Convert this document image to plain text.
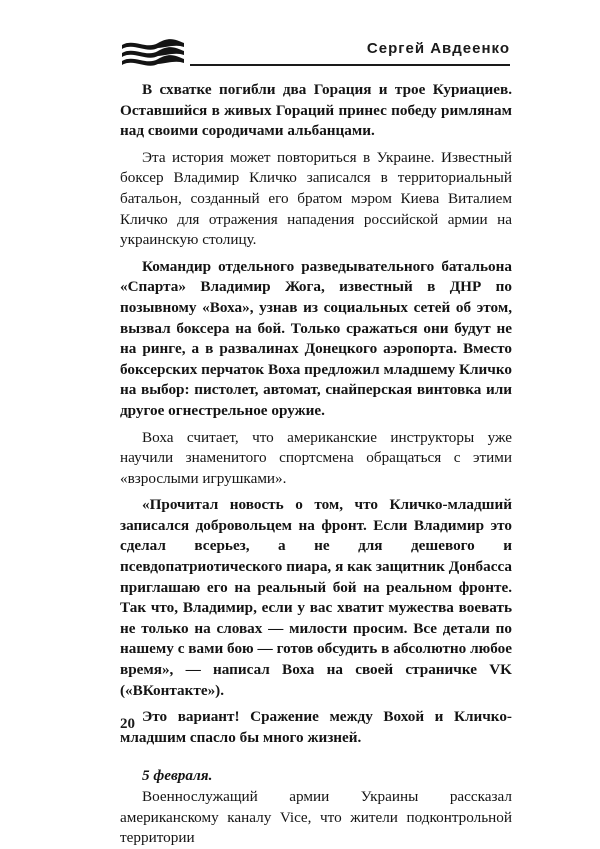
Сергей Авдеенко

В схватке погибли два Горация и трое Куриациев. Оставшийся в живых Гораций принес победу римлянам над своими сородичами альбанцами.

Эта история может повториться в Украине. Известный боксер Владимир Кличко записался в территориальный батальон, созданный его братом мэром Киева Виталием Кличко для отражения нападения российской армии на украинскую столицу.

Командир отдельного разведывательного батальона «Спарта» Владимир Жога, известный в ДНР по позывному «Воха», узнав из социальных сетей об этом, вызвал боксера на бой. Только сражаться они будут не на ринге, а в развалинах Донецкого аэропорта. Вместо боксерских перчаток Воха предложил младшему Кличко на выбор: пистолет, автомат, снайперская винтовка или другое огнестрельное оружие.

Воха считает, что американские инструкторы уже научили знаменитого спортсмена обращаться с этими «взрослыми игрушками».

«Прочитал новость о том, что Кличко-младший записался добровольцем на фронт. Если Владимир это сделал всерьез, а не для дешевого и псевдопатриотического пиара, я как защитник Донбасса приглашаю его на реальный бой на реальном фронте. Так что, Владимир, если у вас хватит мужества воевать не только на словах — милости просим. Все детали по нашему с вами бою — готов обсудить в абсолютно любое время», — написал Воха на своей страничке VK («ВКонтакте»).

Это вариант! Сражение между Вохой и Кличко-младшим спасло бы много жизней.

5 февраля.

Военнослужащий армии Украины рассказал американскому каналу Vice, что жители подконтрольной территории

20
